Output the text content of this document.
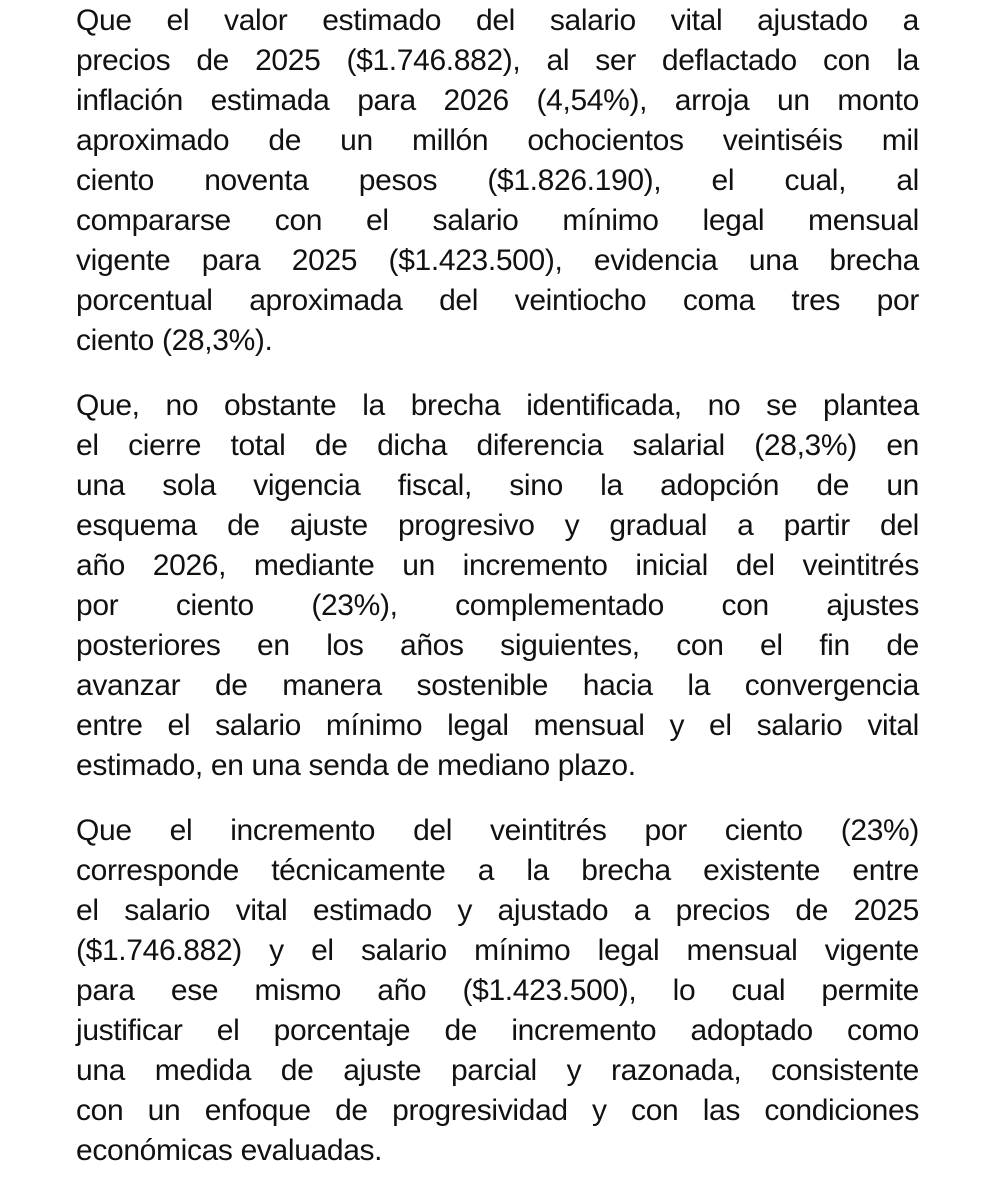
Que el valor estimado del salario vital ajustado a
precios de 2025 ($1.746.882), al ser deflactado con la
inflación estimada para 2026 (4,54%), arroja un monto
aproximado de un millón ochocientos veintiséis mil
ciento noventa pesos ($1.826.190), el cual, al
compararse con el salario mínimo legal mensual
vigente para 2025 ($1.423.500), evidencia una brecha
porcentual aproximada del veintiocho coma tres por
ciento (28,3%).

Que, no obstante la brecha identificada, no se plantea
el cierre total de dicha diferencia salarial (28,3%) en
una sola vigencia fiscal, sino la adopción de un
esquema de ajuste progresivo y gradual a partir del
año 2026, mediante un incremento inicial del veintitrés
por ciento (23%), complementado con ajustes
posteriores en los años siguientes, con el fin de
avanzar de manera sostenible hacia la convergencia
entre el salario mínimo legal mensual y el salario vital
estimado, en una senda de mediano plazo.

Que el incremento del veintitrés por ciento (23%)
corresponde técnicamente a la brecha existente entre
el salario vital estimado y ajustado a precios de 2025
($1.746.882) y el salario mínimo legal mensual vigente
para ese mismo año ($1.423.500), lo cual permite
justificar el porcentaje de incremento adoptado como
una medida de ajuste parcial y razonada, consistente
con un enfoque de progresividad y con las condiciones
económicas evaluadas.
